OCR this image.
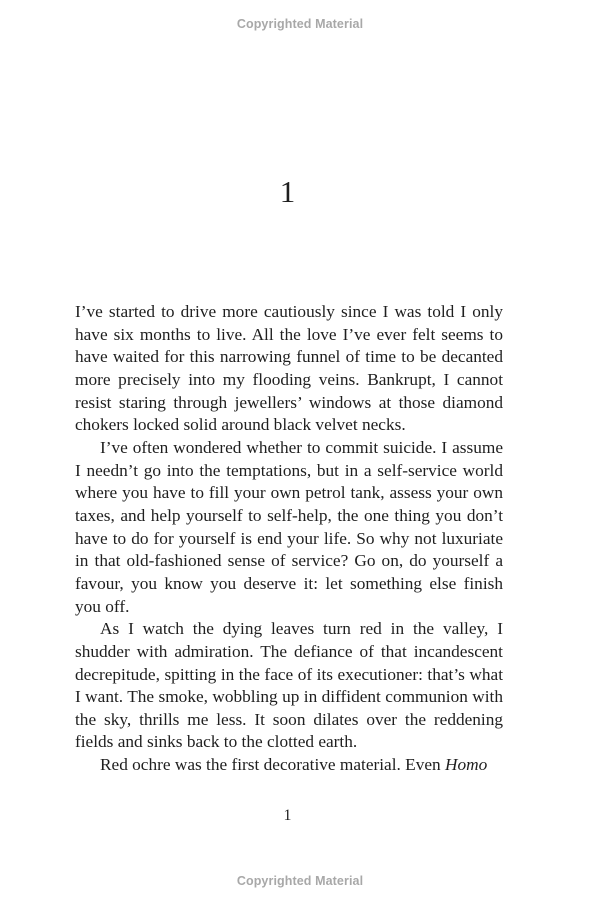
Copyrighted Material
1

I’ve started to drive more cautiously since I was told I only have six months to live. All the love I’ve ever felt seems to have waited for this narrowing funnel of time to be decanted more precisely into my flooding veins. Bankrupt, I cannot resist staring through jewellers’ windows at those diamond chokers locked solid around black velvet necks.

I’ve often wondered whether to commit suicide. I assume I needn’t go into the temptations, but in a self-service world where you have to fill your own petrol tank, assess your own taxes, and help yourself to self-help, the one thing you don’t have to do for yourself is end your life. So why not luxuriate in that old-fashioned sense of service? Go on, do yourself a favour, you know you deserve it: let something else finish you off.

As I watch the dying leaves turn red in the valley, I shudder with admiration. The defiance of that incandescent decrepitude, spitting in the face of its executioner: that’s what I want. The smoke, wobbling up in diffident communion with the sky, thrills me less. It soon dilates over the reddening fields and sinks back to the clotted earth.

Red ochre was the first decorative material. Even Homo

1
Copyrighted Material
